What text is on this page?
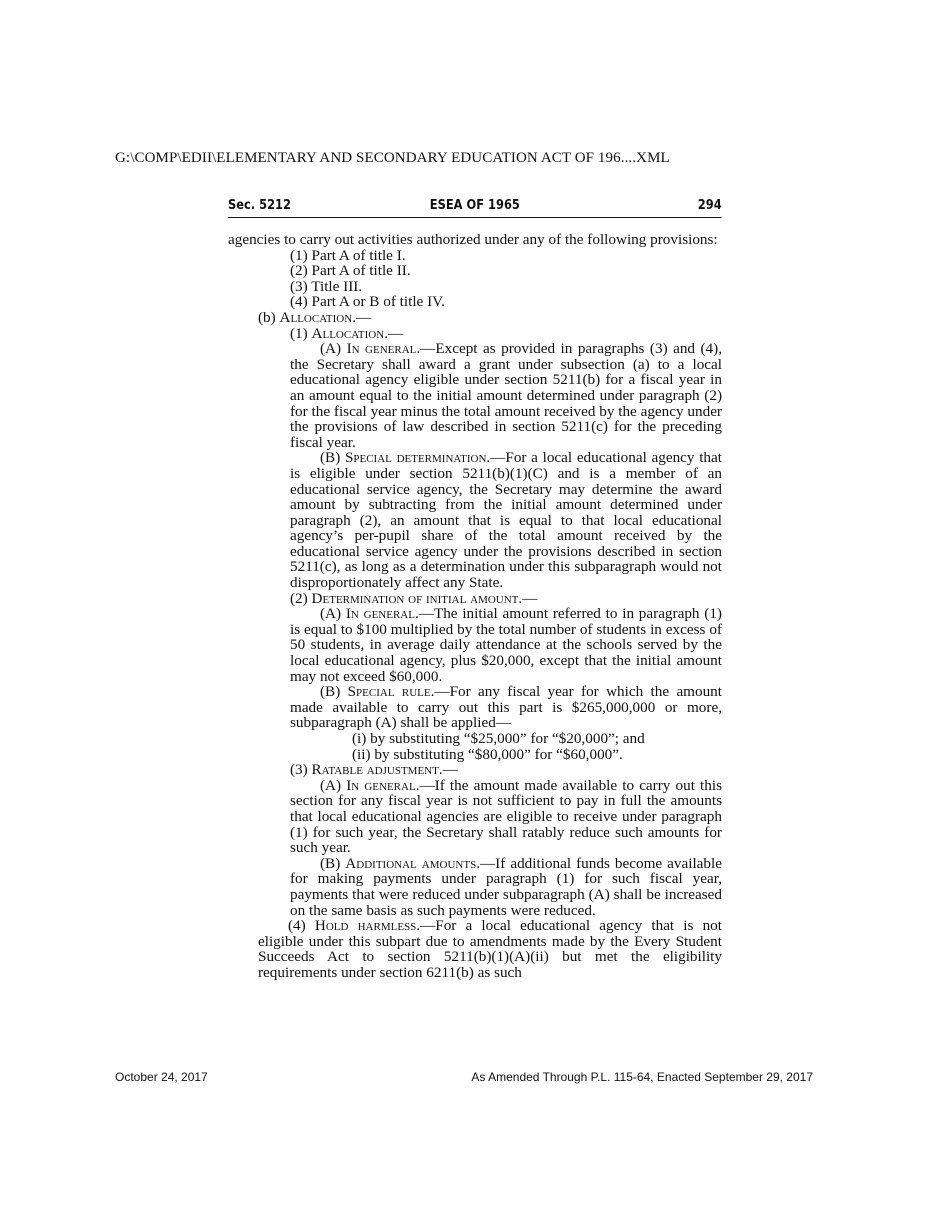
G:\COMP\EDII\ELEMENTARY AND SECONDARY EDUCATION ACT OF 196....XML
Sec. 5212	ESEA OF 1965	294

agencies to carry out activities authorized under any of the following provisions:

(1) Part A of title I.

(2) Part A of title II.

(3) Title III.

(4) Part A or B of title IV.

(b) Allocation.—

(1) Allocation.—

(A) In general.—Except as provided in paragraphs (3) and (4), the Secretary shall award a grant under subsection (a) to a local educational agency eligible under section 5211(b) for a fiscal year in an amount equal to the initial amount determined under paragraph (2) for the fiscal year minus the total amount received by the agency under the provisions of law described in section 5211(c) for the preceding fiscal year.

(B) Special determination.—For a local educational agency that is eligible under section 5211(b)(1)(C) and is a member of an educational service agency, the Secretary may determine the award amount by subtracting from the initial amount determined under paragraph (2), an amount that is equal to that local educational agency’s per-pupil share of the total amount received by the educational service agency under the provisions described in section 5211(c), as long as a determination under this subparagraph would not disproportionately affect any State.

(2) Determination of initial amount.—

(A) In general.—The initial amount referred to in paragraph (1) is equal to $100 multiplied by the total number of students in excess of 50 students, in average daily attendance at the schools served by the local educational agency, plus $20,000, except that the initial amount may not exceed $60,000.

(B) Special rule.—For any fiscal year for which the amount made available to carry out this part is $265,000,000 or more, subparagraph (A) shall be applied—

(i) by substituting “$25,000” for “$20,000”; and

(ii) by substituting “$80,000” for “$60,000”.

(3) Ratable adjustment.—

(A) In general.—If the amount made available to carry out this section for any fiscal year is not sufficient to pay in full the amounts that local educational agencies are eligible to receive under paragraph (1) for such year, the Secretary shall ratably reduce such amounts for such year.

(B) Additional amounts.—If additional funds become available for making payments under paragraph (1) for such fiscal year, payments that were reduced under subparagraph (A) shall be increased on the same basis as such payments were reduced.

(4) Hold harmless.—For a local educational agency that is not eligible under this subpart due to amendments made by the Every Student Succeeds Act to section 5211(b)(1)(A)(ii) but met the eligibility requirements under section 6211(b) as such

October 24, 2017	As Amended Through P.L. 115-64, Enacted September 29, 2017
